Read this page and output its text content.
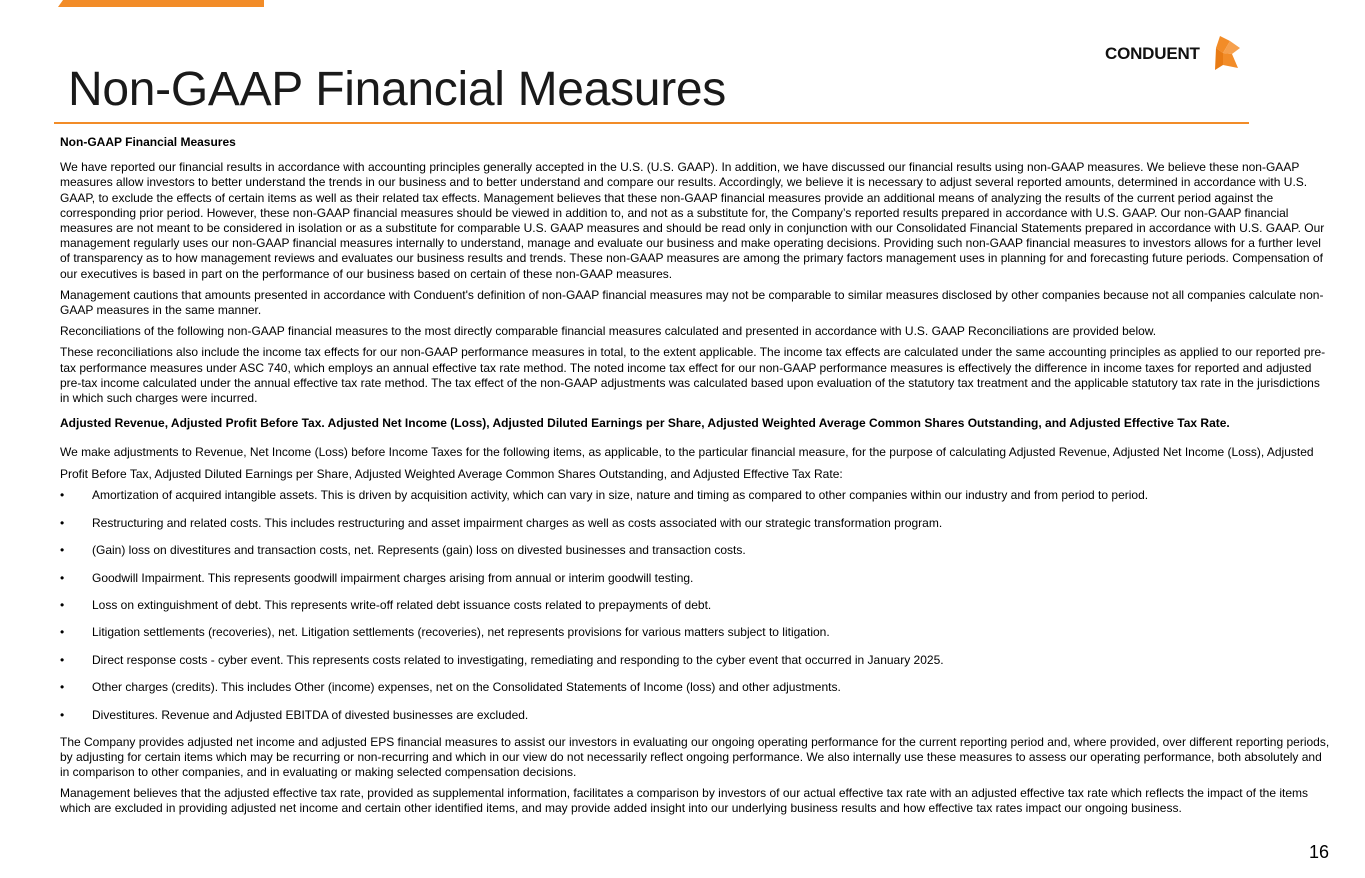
Non-GAAP Financial Measures
CONDUENT

Non-GAAP Financial Measures

We have reported our financial results in accordance with accounting principles generally accepted in the U.S. (U.S. GAAP). In addition, we have discussed our financial results using non-GAAP measures. We believe these non-GAAP measures allow investors to better understand the trends in our business and to better understand and compare our results. Accordingly, we believe it is necessary to adjust several reported amounts, determined in accordance with U.S. GAAP, to exclude the effects of certain items as well as their related tax effects. Management believes that these non-GAAP financial measures provide an additional means of analyzing the results of the current period against the corresponding prior period. However, these non-GAAP financial measures should be viewed in addition to, and not as a substitute for, the Company’s reported results prepared in accordance with U.S. GAAP. Our non-GAAP financial measures are not meant to be considered in isolation or as a substitute for comparable U.S. GAAP measures and should be read only in conjunction with our Consolidated Financial Statements prepared in accordance with U.S. GAAP. Our management regularly uses our non-GAAP financial measures internally to understand, manage and evaluate our business and make operating decisions. Providing such non-GAAP financial measures to investors allows for a further level of transparency as to how management reviews and evaluates our business results and trends. These non-GAAP measures are among the primary factors management uses in planning for and forecasting future periods. Compensation of our executives is based in part on the performance of our business based on certain of these non-GAAP measures.

Management cautions that amounts presented in accordance with Conduent's definition of non-GAAP financial measures may not be comparable to similar measures disclosed by other companies because not all companies calculate non-GAAP measures in the same manner.

Reconciliations of the following non-GAAP financial measures to the most directly comparable financial measures calculated and presented in accordance with U.S. GAAP Reconciliations are provided below.

These reconciliations also include the income tax effects for our non-GAAP performance measures in total, to the extent applicable. The income tax effects are calculated under the same accounting principles as applied to our reported pre-tax performance measures under ASC 740, which employs an annual effective tax rate method. The noted income tax effect for our non-GAAP performance measures is effectively the difference in income taxes for reported and adjusted pre-tax income calculated under the annual effective tax rate method. The tax effect of the non-GAAP adjustments was calculated based upon evaluation of the statutory tax treatment and the applicable statutory tax rate in the jurisdictions in which such charges were incurred.

Adjusted Revenue, Adjusted Profit Before Tax. Adjusted Net Income (Loss), Adjusted Diluted Earnings per Share, Adjusted Weighted Average Common Shares Outstanding, and Adjusted Effective Tax Rate.

We make adjustments to Revenue, Net Income (Loss) before Income Taxes for the following items, as applicable, to the particular financial measure, for the purpose of calculating Adjusted Revenue, Adjusted Net Income (Loss), Adjusted Profit Before Tax, Adjusted Diluted Earnings per Share, Adjusted Weighted Average Common Shares Outstanding, and Adjusted Effective Tax Rate:

• Amortization of acquired intangible assets. This is driven by acquisition activity, which can vary in size, nature and timing as compared to other companies within our industry and from period to period.
• Restructuring and related costs. This includes restructuring and asset impairment charges as well as costs associated with our strategic transformation program.
• (Gain) loss on divestitures and transaction costs, net. Represents (gain) loss on divested businesses and transaction costs.
• Goodwill Impairment. This represents goodwill impairment charges arising from annual or interim goodwill testing.
• Loss on extinguishment of debt. This represents write-off related debt issuance costs related to prepayments of debt.
• Litigation settlements (recoveries), net. Litigation settlements (recoveries), net represents provisions for various matters subject to litigation.
• Direct response costs - cyber event. This represents costs related to investigating, remediating and responding to the cyber event that occurred in January 2025.
• Other charges (credits). This includes Other (income) expenses, net on the Consolidated Statements of Income (loss) and other adjustments.
• Divestitures. Revenue and Adjusted EBITDA of divested businesses are excluded.

The Company provides adjusted net income and adjusted EPS financial measures to assist our investors in evaluating our ongoing operating performance for the current reporting period and, where provided, over different reporting periods, by adjusting for certain items which may be recurring or non-recurring and which in our view do not necessarily reflect ongoing performance. We also internally use these measures to assess our operating performance, both absolutely and in comparison to other companies, and in evaluating or making selected compensation decisions.

Management believes that the adjusted effective tax rate, provided as supplemental information, facilitates a comparison by investors of our actual effective tax rate with an adjusted effective tax rate which reflects the impact of the items which are excluded in providing adjusted net income and certain other identified items, and may provide added insight into our underlying business results and how effective tax rates impact our ongoing business.

16
